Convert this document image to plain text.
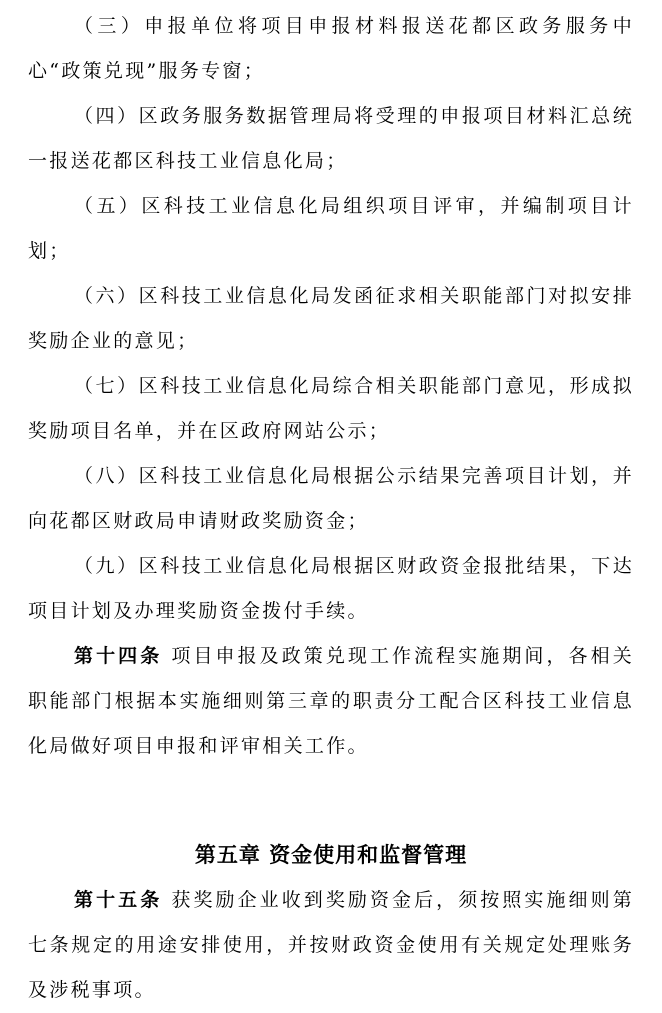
（三）申报单位将项目申报材料报送花都区政务服务中心“政策兑现”服务专窗；

（四）区政务服务数据管理局将受理的申报项目材料汇总统一报送花都区科技工业信息化局；

（五）区科技工业信息化局组织项目评审，并编制项目计划；

（六）区科技工业信息化局发函征求相关职能部门对拟安排奖励企业的意见；

（七）区科技工业信息化局综合相关职能部门意见，形成拟奖励项目名单，并在区政府网站公示；

（八）区科技工业信息化局根据公示结果完善项目计划，并向花都区财政局申请财政奖励资金；

（九）区科技工业信息化局根据区财政资金报批结果，下达项目计划及办理奖励资金拨付手续。

第十四条 项目申报及政策兑现工作流程实施期间，各相关职能部门根据本实施细则第三章的职责分工配合区科技工业信息化局做好项目申报和评审相关工作。

第五章 资金使用和监督管理

第十五条 获奖励企业收到奖励资金后，须按照实施细则第七条规定的用途安排使用，并按财政资金使用有关规定处理账务及涉税事项。
